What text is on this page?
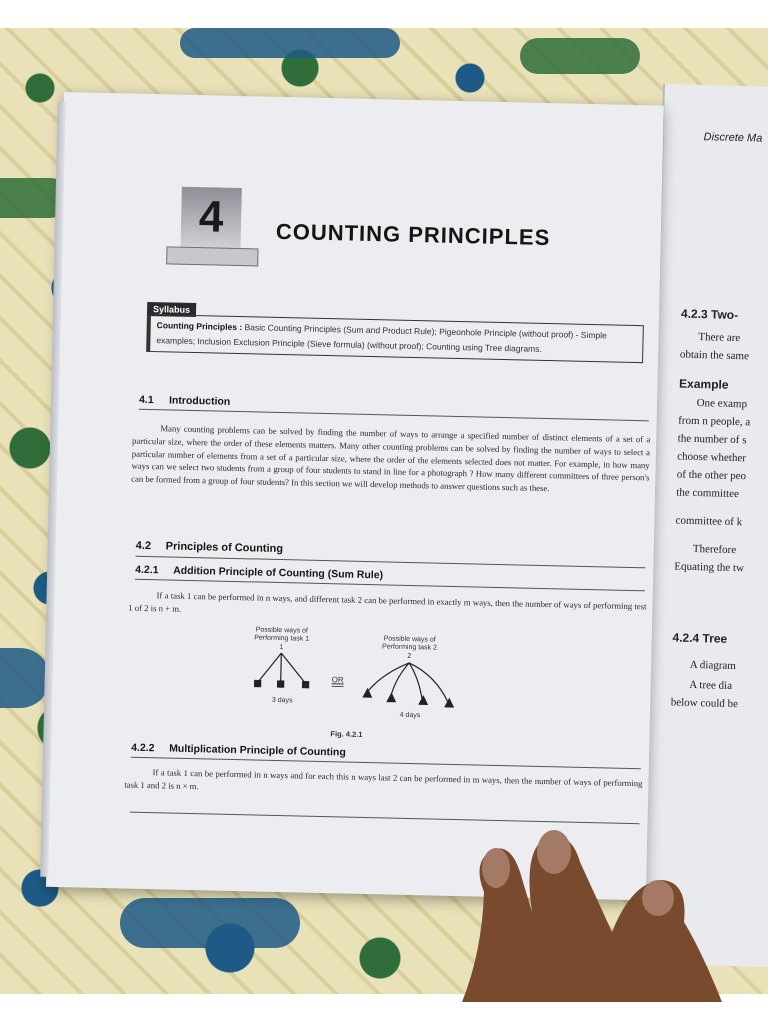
Discrete Ma
4.2.3 Two-
There are
obtain the same
Example
One examp
from n people, a
the number of s
choose whether
of the other peo
the committee
committee of k
Therefore
Equating the tw
4.2.4 Tree
A diagram
A tree dia
below could be
4 COUNTING PRINCIPLES
Syllabus
Counting Principles : Basic Counting Principles (Sum and Product Rule); Pigeonhole Principle (without proof) - Simple examples; Inclusion Exclusion Principle (Sieve formula) (without proof); Counting using Tree diagrams.
4.1 Introduction
Many counting problems can be solved by finding the number of ways to arrange a specified number of distinct elements of a set of a particular size, where the order of these elements matters. Many other counting problems can be solved by finding the number of ways to select a particular number of elements from a set of a particular size, where the order of the elements selected does not matter. For example, in how many ways can we select two students from a group of four students to stand in line for a photograph ? How many different committees of three person's can be formed from a group of four students? In this section we will develop methods to answer questions such as these.
4.2 Principles of Counting
4.2.1 Addition Principle of Counting (Sum Rule)
If a task 1 can be performed in n ways, and different task 2 can be performed in exactly m ways, then the number of ways of performing test 1 of 2 is n + m.
Possible ways of Performing task 1
1
Possible ways of Performing task 2
2
OR
3 days
4 days
Fig. 4.2.1
4.2.2 Multiplication Principle of Counting
If a task 1 can be performed in n ways and for each this n ways last 2 can be performed in m ways, then the number of ways of performing task 1 and 2 is n × m.
